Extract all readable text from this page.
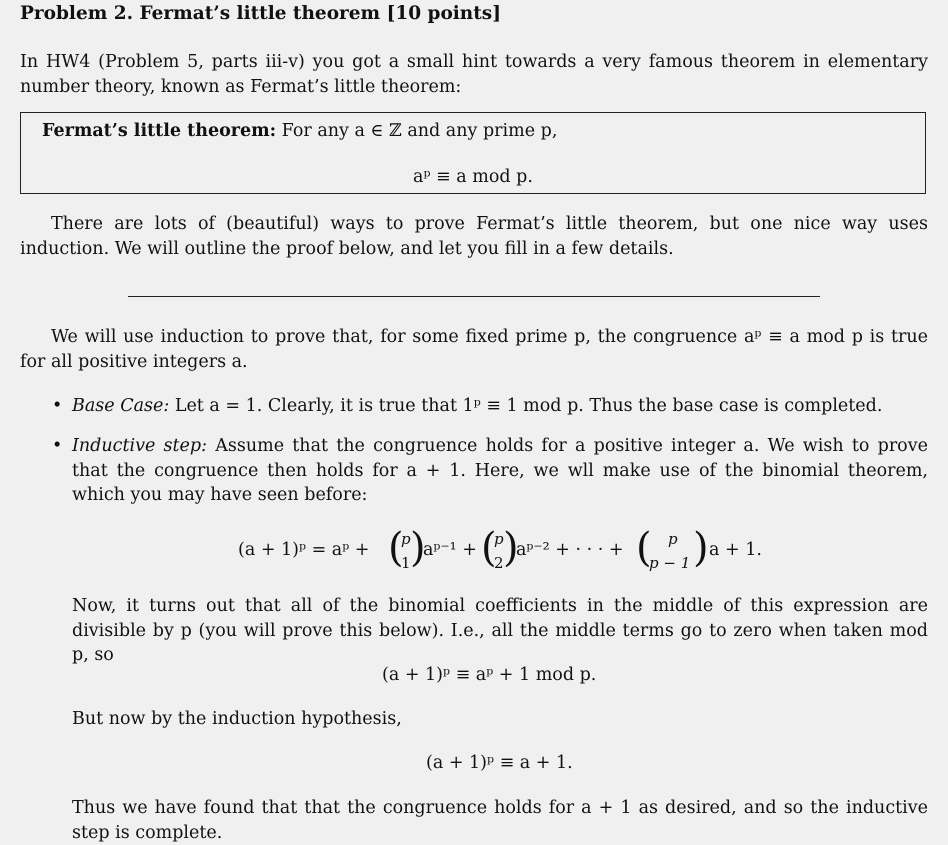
Problem 2. Fermat’s little theorem [10 points]
In HW4 (Problem 5, parts iii-v) you got a small hint towards a very famous theorem in elementary number theory, known as Fermat’s little theorem:
Fermat’s little theorem: For any a ∈ ℤ and any prime p,
aᵖ ≡ a mod p.
There are lots of (beautiful) ways to prove Fermat’s little theorem, but one nice way uses induction. We will outline the proof below, and let you fill in a few details.
We will use induction to prove that, for some fixed prime p, the congruence aᵖ ≡ a mod p is true for all positive integers a.
• Base Case: Let a = 1. Clearly, it is true that 1ᵖ ≡ 1 mod p. Thus the base case is completed.
• Inductive step: Assume that the congruence holds for a positive integer a. We wish to prove that the congruence then holds for a + 1. Here, we wll make use of the binomial theorem, which you may have seen before:
(a + 1)ᵖ = aᵖ + (
p
1 )
aᵖ⁻¹ + (
p
2 )
aᵖ⁻² + · · · + ( p
p − 1 ) a + 1.
Now, it turns out that all of the binomial coefficients in the middle of this expression are divisible by p (you will prove this below). I.e., all the middle terms go to zero when taken mod p, so
(a + 1)ᵖ ≡ aᵖ + 1 mod p.
But now by the induction hypothesis,
(a + 1)ᵖ ≡ a + 1.
Thus we have found that that the congruence holds for a + 1 as desired, and so the inductive step is complete.
